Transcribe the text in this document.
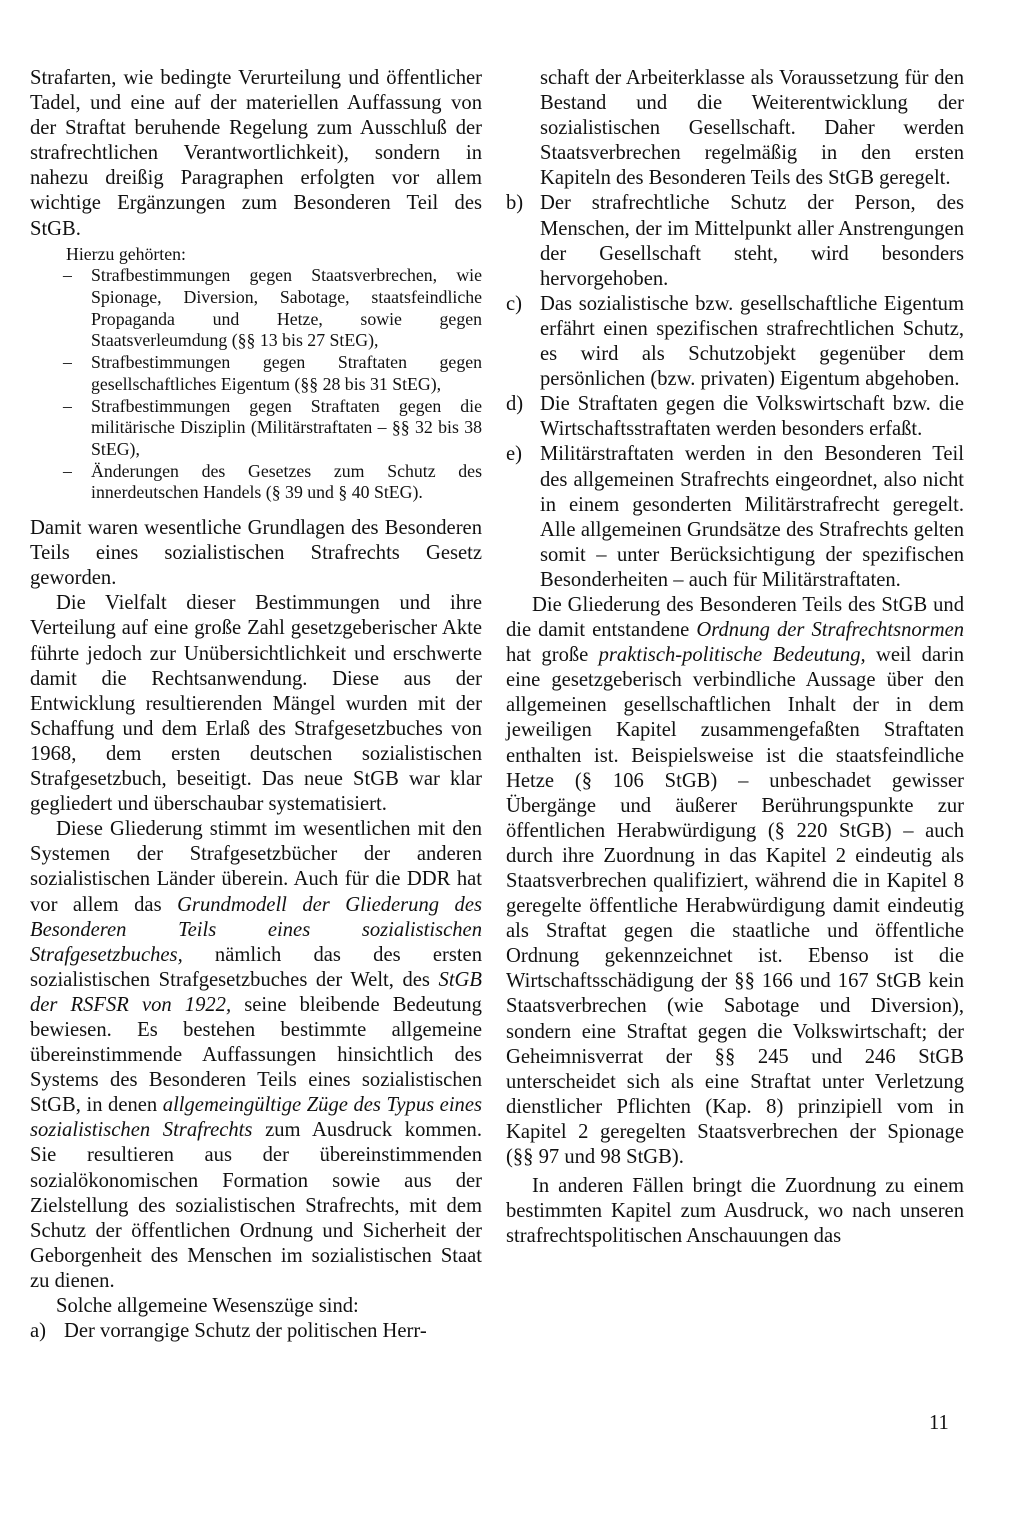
Strafarten, wie bedingte Verurteilung und öffentlicher Tadel, und eine auf der materiellen Auffassung von der Straftat beruhende Regelung zum Ausschluß der strafrechtlichen Verantwortlichkeit), sondern in nahezu dreißig Paragraphen erfolgten vor allem wichtige Ergänzungen zum Besonderen Teil des StGB.

Hierzu gehörten:

– Strafbestimmungen gegen Staatsverbrechen, wie Spionage, Diversion, Sabotage, staatsfeindliche Propaganda und Hetze, sowie gegen Staatsverleumdung (§§ 13 bis 27 StEG),
– Strafbestimmungen gegen Straftaten gegen gesellschaftliches Eigentum (§§ 28 bis 31 StEG),
– Strafbestimmungen gegen Straftaten gegen die militärische Disziplin (Militärstraftaten – §§ 32 bis 38 StEG),
– Änderungen des Gesetzes zum Schutz des innerdeutschen Handels (§ 39 und § 40 StEG).

Damit waren wesentliche Grundlagen des Besonderen Teils eines sozialistischen Strafrechts Gesetz geworden.

Die Vielfalt dieser Bestimmungen und ihre Verteilung auf eine große Zahl gesetzgeberischer Akte führte jedoch zur Unübersichtlichkeit und erschwerte damit die Rechtsanwendung. Diese aus der Entwicklung resultierenden Mängel wurden mit der Schaffung und dem Erlaß des Strafgesetzbuches von 1968, dem ersten deutschen sozialistischen Strafgesetzbuch, beseitigt. Das neue StGB war klar gegliedert und überschaubar systematisiert.

Diese Gliederung stimmt im wesentlichen mit den Systemen der Strafgesetzbücher der anderen sozialistischen Länder überein. Auch für die DDR hat vor allem das Grundmodell der Gliederung des Besonderen Teils eines sozialistischen Strafgesetzbuches, nämlich das des ersten sozialistischen Strafgesetzbuches der Welt, des StGB der RSFSR von 1922, seine bleibende Bedeutung bewiesen. Es bestehen bestimmte allgemeine übereinstimmende Auffassungen hinsichtlich des Systems des Besonderen Teils eines sozialistischen StGB, in denen allgemeingültige Züge des Typus eines sozialistischen Strafrechts zum Ausdruck kommen. Sie resultieren aus der übereinstimmenden sozialökonomischen Formation sowie aus der Zielstellung des sozialistischen Strafrechts, mit dem Schutz der öffentlichen Ordnung und Sicherheit der Geborgenheit des Menschen im sozialistischen Staat zu dienen.

Solche allgemeine Wesenszüge sind:

a) Der vorrangige Schutz der politischen Herr-
schaft der Arbeiterklasse als Voraussetzung für den Bestand und die Weiterentwicklung der sozialistischen Gesellschaft. Daher werden Staatsverbrechen regelmäßig in den ersten Kapiteln des Besonderen Teils des StGB geregelt.
b) Der strafrechtliche Schutz der Person, des Menschen, der im Mittelpunkt aller Anstrengungen der Gesellschaft steht, wird besonders hervorgehoben.
c) Das sozialistische bzw. gesellschaftliche Eigentum erfährt einen spezifischen strafrechtlichen Schutz, es wird als Schutzobjekt gegenüber dem persönlichen (bzw. privaten) Eigentum abgehoben.
d) Die Straftaten gegen die Volkswirtschaft bzw. die Wirtschaftsstraftaten werden besonders erfaßt.
e) Militärstraftaten werden in den Besonderen Teil des allgemeinen Strafrechts eingeordnet, also nicht in einem gesonderten Militärstrafrecht geregelt. Alle allgemeinen Grundsätze des Strafrechts gelten somit – unter Berücksichtigung der spezifischen Besonderheiten – auch für Militärstraftaten.

Die Gliederung des Besonderen Teils des StGB und die damit entstandene Ordnung der Strafrechtsnormen hat große praktisch-politische Bedeutung, weil darin eine gesetzgeberisch verbindliche Aussage über den allgemeinen gesellschaftlichen Inhalt der in dem jeweiligen Kapitel zusammengefaßten Straftaten enthalten ist. Beispielsweise ist die staatsfeindliche Hetze (§ 106 StGB) – unbeschadet gewisser Übergänge und äußerer Berührungspunkte zur öffentlichen Herabwürdigung (§ 220 StGB) – auch durch ihre Zuordnung in das Kapitel 2 eindeutig als Staatsverbrechen qualifiziert, während die in Kapitel 8 geregelte öffentliche Herabwürdigung damit eindeutig als Straftat gegen die staatliche und öffentliche Ordnung gekennzeichnet ist. Ebenso ist die Wirtschaftsschädigung der §§ 166 und 167 StGB kein Staatsverbrechen (wie Sabotage und Diversion), sondern eine Straftat gegen die Volkswirtschaft; der Geheimnisverrat der §§ 245 und 246 StGB unterscheidet sich als eine Straftat unter Verletzung dienstlicher Pflichten (Kap. 8) prinzipiell vom in Kapitel 2 geregelten Staatsverbrechen der Spionage (§§ 97 und 98 StGB).

In anderen Fällen bringt die Zuordnung zu einem bestimmten Kapitel zum Ausdruck, wo nach unseren strafrechtspolitischen Anschauungen das

11
